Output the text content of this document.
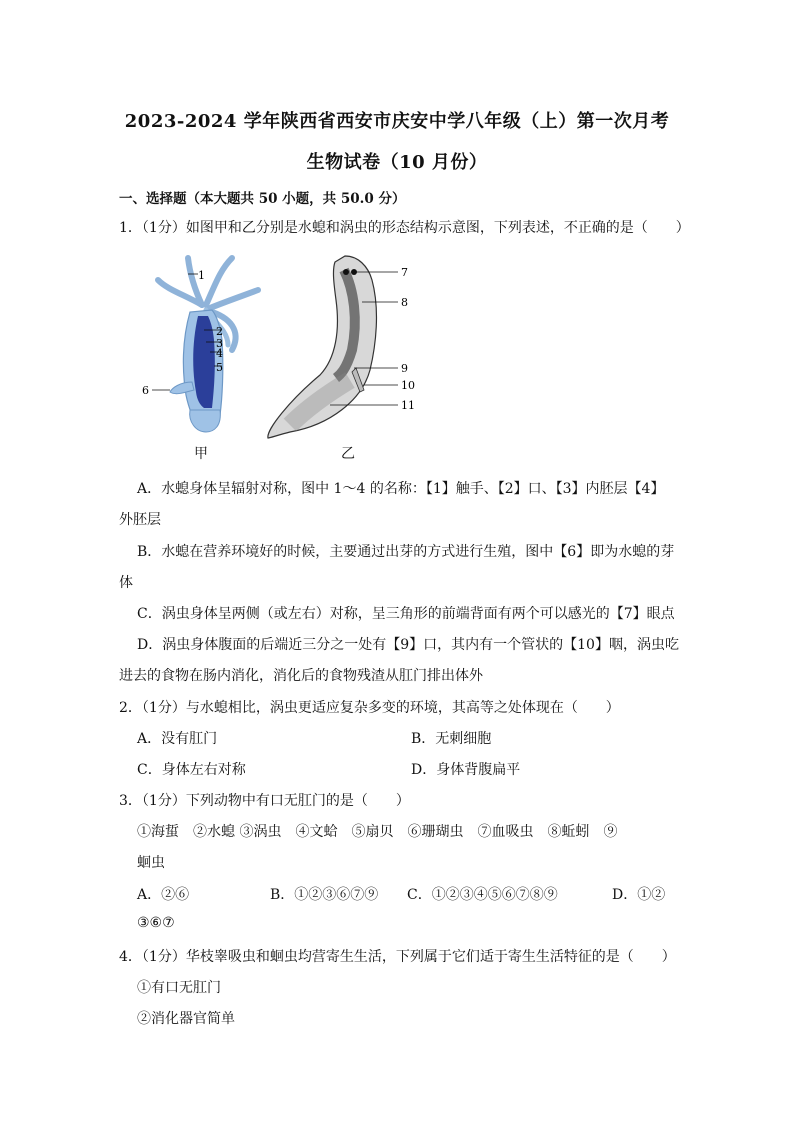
2023-2024 学年陕西省西安市庆安中学八年级（上）第一次月考
生物试卷（10 月份）
一、选择题（本大题共 50 小题，共 50.0 分）
1．（1分）如图甲和乙分别是水螅和涡虫的形态结构示意图，下列表述，不正确的是（　　）
1
2
3
4
5
6
7
8
9
10
11
甲	乙
A．水螅身体呈辐射对称，图中 1～4 的名称：【1】触手、【2】口、【3】内胚层【4】
外胚层
B．水螅在营养环境好的时候，主要通过出芽的方式进行生殖，图中【6】即为水螅的芽
体
C．涡虫身体呈两侧（或左右）对称，呈三角形的前端背面有两个可以感光的【7】眼点
D．涡虫身体腹面的后端近三分之一处有【9】口，其内有一个管状的【10】咽，涡虫吃
进去的食物在肠内消化，消化后的食物残渣从肛门排出体外
2．（1分）与水螅相比，涡虫更适应复杂多变的环境，其高等之处体现在（　　）
A．没有肛门	B．无刺细胞
C．身体左右对称	D．身体背腹扁平
3．（1分）下列动物中有口无肛门的是（　　）
①海蜇　②水螅 ③涡虫　④文蛤　⑤扇贝　⑥珊瑚虫　⑦血吸虫　⑧蚯蚓　⑨
蛔虫
A．②⑥	B．①②③⑥⑦⑨ C．①②③④⑤⑥⑦⑧⑨	D．①②
③⑥⑦
4．（1分）华枝睾吸虫和蛔虫均营寄生生活，下列属于它们适于寄生生活特征的是（　　）
①有口无肛门
②消化器官简单
